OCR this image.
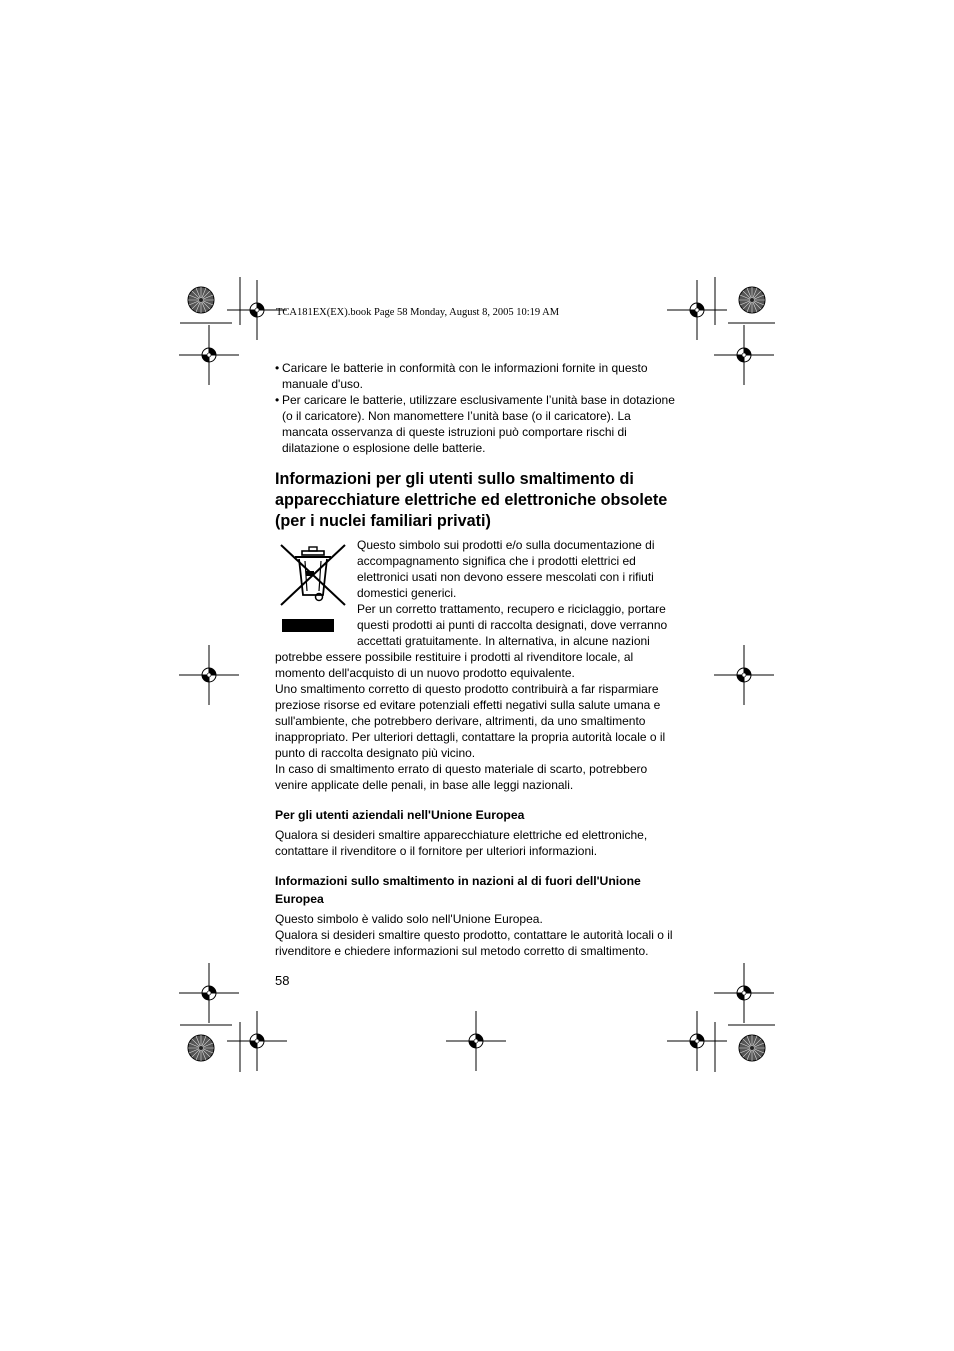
TCA181EX(EX).book Page 58 Monday, August 8, 2005 10:19 AM
• Caricare le batterie in conformità con le informazioni fornite in questo manuale d'uso.
• Per caricare le batterie, utilizzare esclusivamente l’unità base in dotazione (o il caricatore). Non manomettere l’unità base (o il caricatore). La mancata osservanza di queste istruzioni può comportare rischi di dilatazione o esplosione delle batterie.
Informazioni per gli utenti sullo smaltimento di apparecchiature elettriche ed elettroniche obsolete (per i nuclei familiari privati)

Questo simbolo sui prodotti e/o sulla documentazione di accompagnamento significa che i prodotti elettrici ed elettronici usati non devono essere mescolati con i rifiuti domestici generici.

Per un corretto trattamento, recupero e riciclaggio, portare questi prodotti ai punti di raccolta designati, dove verranno accettati gratuitamente. In alternativa, in alcune nazioni potrebbe essere possibile restituire i prodotti al rivenditore locale, al momento dell'acquisto di un nuovo prodotto equivalente.

Uno smaltimento corretto di questo prodotto contribuirà a far risparmiare preziose risorse ed evitare potenziali effetti negativi sulla salute umana e sull'ambiente, che potrebbero derivare, altrimenti, da uno smaltimento inappropriato. Per ulteriori dettagli, contattare la propria autorità locale o il punto di raccolta designato più vicino.

In caso di smaltimento errato di questo materiale di scarto, potrebbero venire applicate delle penali, in base alle leggi nazionali.

Per gli utenti aziendali nell'Unione Europea

Qualora si desideri smaltire apparecchiature elettriche ed elettroniche, contattare il rivenditore o il fornitore per ulteriori informazioni.

Informazioni sullo smaltimento in nazioni al di fuori dell'Unione Europea

Questo simbolo è valido solo nell'Unione Europea.

Qualora si desideri smaltire questo prodotto, contattare le autorità locali o il rivenditore e chiedere informazioni sul metodo corretto di smaltimento.

58
